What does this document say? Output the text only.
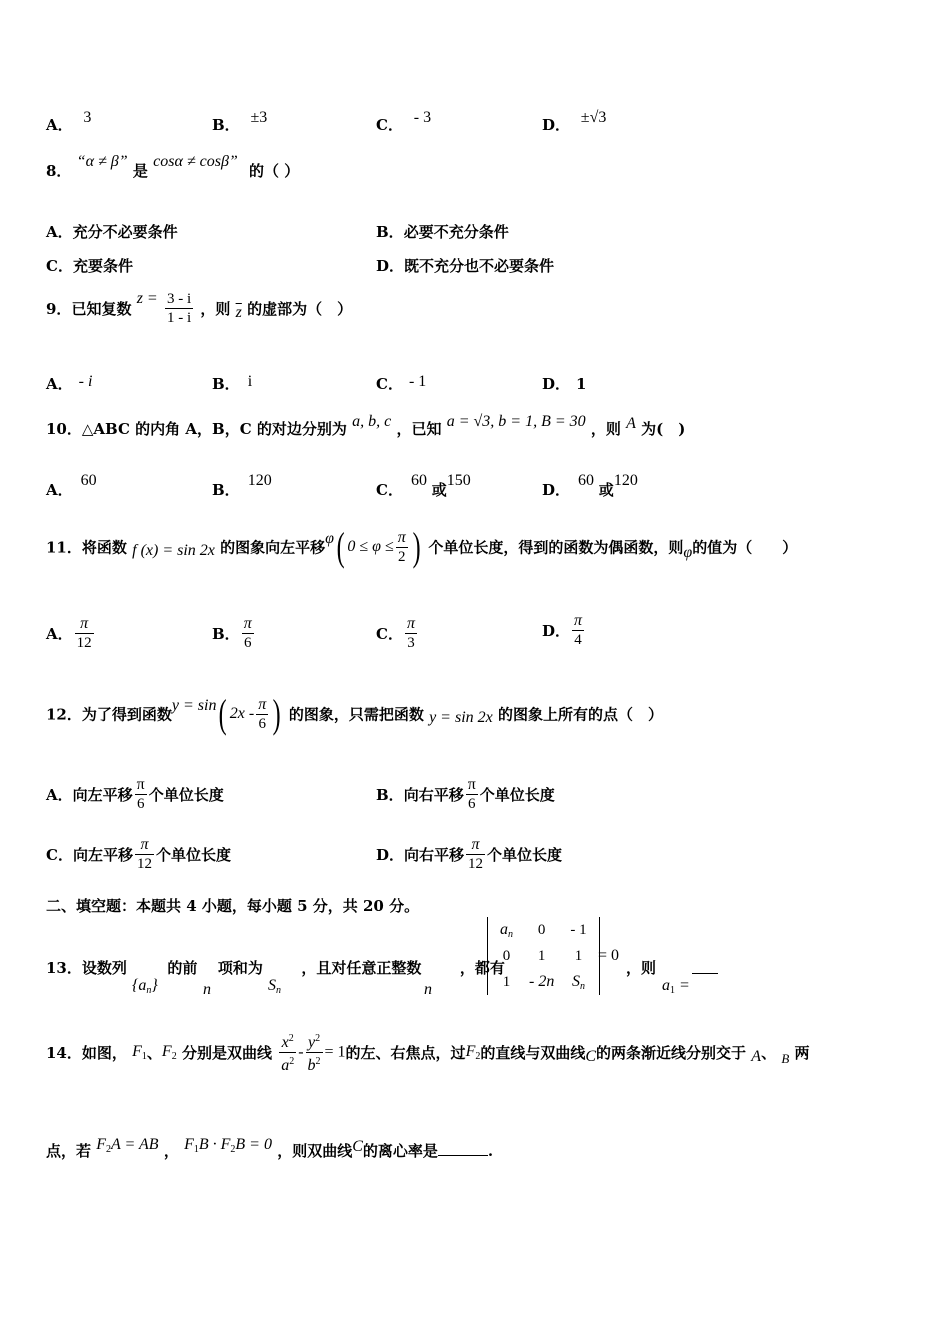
A． 3	B． ±3	C． - 3	D． ±√3
8． “α ≠ β” 是 cosα ≠ cosβ” 的（ ）
A．充分不必要条件	B．必要不充分条件
C．充要条件	D．既不充分也不必要条件
9．已知复数 $z = \frac{3 - i}{1 - i}$ ，则 $\overline{z}$ 的虚部为（　）
A． - i	B． i	C． - 1	D． 1
10．△ABC 的内角 A，B，C 的对边分别为 a, b, c ，已知 a = √3, b = 1, B = 30 ，则 A 为(　)
A．60
B．120
C．60 或150
D．60 或120
11．将函数 f (x) = sin 2x 的图象向左平移φ( $0 \le \varphi \le \frac{\pi}{2}$ ) 个单位长度，得到的函数为偶函数，则φ的值为（　　）
A． $\frac{\pi}{12}$	B． $\frac{\pi}{6}$	C． $\frac{\pi}{3}$	D． $\frac{\pi}{4}$
12．为了得到函数y = sin( $2x - \frac{\pi}{6}$ ) 的图象，只需把函数 y = sin 2x 的图象上所有的点（　）
A．向左平移 $\frac{\pi}{6}$ 个单位长度	B．向右平移 $\frac{\pi}{6}$ 个单位长度
C．向左平移 $\frac{\pi}{12}$ 个单位长度	D．向右平移 $\frac{\pi}{12}$ 个单位长度
二、填空题：本题共 4 小题，每小题 5 分，共 20 分。
13．设数列	的前 项和为	，且对任意正整数	，都有
$\{a_n\}$	n	$S_n$	n
$a_n$	0	- 1
0	1	1
1	- 2n	$S_n$
= 0
，则
$a_1$ =
14．如图， $F_1$、$F_2$ 分别是双曲线 $\frac{x^2}{a^2} - \frac{y^2}{b^2} = 1$的左、右焦点，过$F_2$的直线与双曲线C的两条渐近线分别交于 A、 B 两
点，若 $F_2A$ = AB ， $F_1B \cdot F_2B = 0$ ，则双曲线C的离心率是	.
